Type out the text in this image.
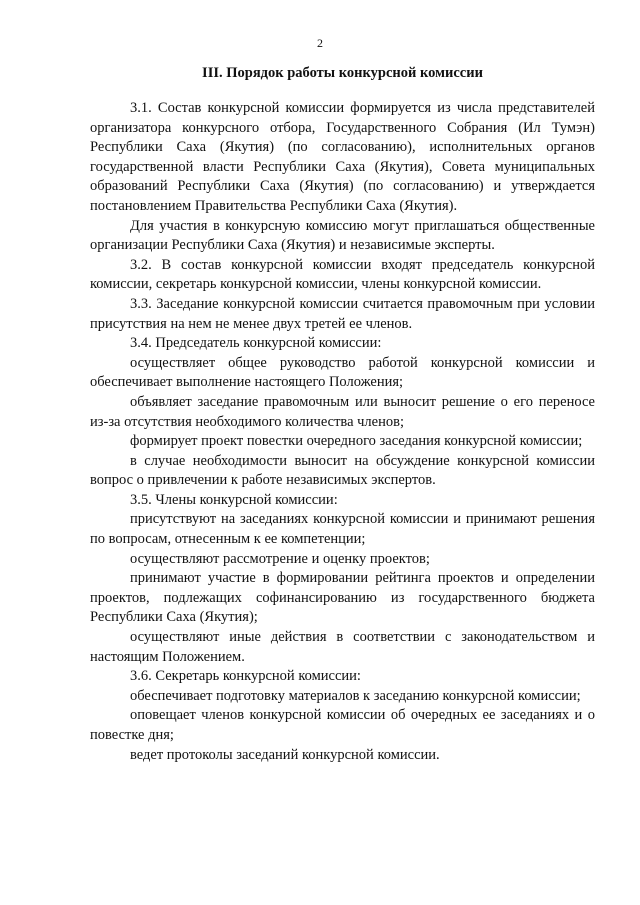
2
III. Порядок работы конкурсной комиссии

3.1. Состав конкурсной комиссии формируется из числа представителей организатора конкурсного отбора, Государственного Собрания (Ил Тумэн) Республики Саха (Якутия) (по согласованию), исполнительных органов государственной власти Республики Саха (Якутия), Совета муниципальных образований Республики Саха (Якутия) (по согласованию) и утверждается постановлением Правительства Республики Саха (Якутия).

Для участия в конкурсную комиссию могут приглашаться общественные организации Республики Саха (Якутия) и независимые эксперты.

3.2. В состав конкурсной комиссии входят председатель конкурсной комиссии, секретарь конкурсной комиссии, члены конкурсной комиссии.

3.3. Заседание конкурсной комиссии считается правомочным при условии присутствия на нем не менее двух третей ее членов.

3.4. Председатель конкурсной комиссии:

осуществляет общее руководство работой конкурсной комиссии и обеспечивает выполнение настоящего Положения;

объявляет заседание правомочным или выносит решение о его переносе из-за отсутствия необходимого количества членов;

формирует проект повестки очередного заседания конкурсной комиссии;

в случае необходимости выносит на обсуждение конкурсной комиссии вопрос о привлечении к работе независимых экспертов.

3.5. Члены конкурсной комиссии:

присутствуют на заседаниях конкурсной комиссии и принимают решения по вопросам, отнесенным к ее компетенции;

осуществляют рассмотрение и оценку проектов;

принимают участие в формировании рейтинга проектов и определении проектов, подлежащих софинансированию из государственного бюджета Республики Саха (Якутия);

осуществляют иные действия в соответствии с законодательством и настоящим Положением.

3.6. Секретарь конкурсной комиссии:

обеспечивает подготовку материалов к заседанию конкурсной комиссии;

оповещает членов конкурсной комиссии об очередных ее заседаниях и о повестке дня;

ведет протоколы заседаний конкурсной комиссии.
